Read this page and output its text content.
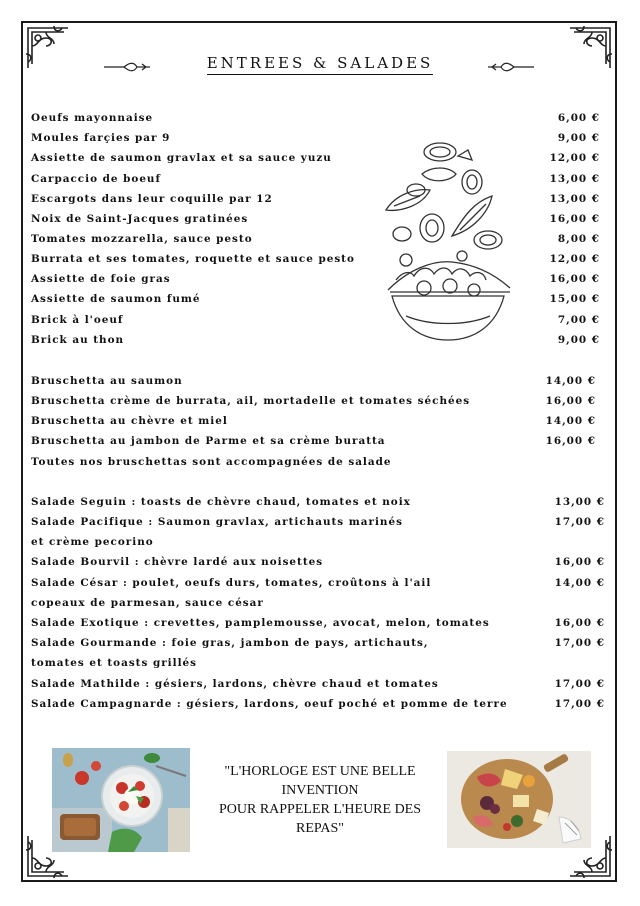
ENTREES & SALADES
Oeufs mayonnaise	6,00 €
Moules farçies par 9	9,00 €
Assiette de saumon gravlax et sa sauce yuzu	12,00 €
Carpaccio de boeuf	13,00 €
Escargots dans leur coquille par 12	13,00 €
Noix de Saint-Jacques gratinées	16,00 €
Tomates mozzarella, sauce pesto	8,00 €
Burrata et ses tomates, roquette et sauce pesto	12,00 €
Assiette de foie gras	16,00 €
Assiette de saumon fumé	15,00 €
Brick à l'oeuf	7,00 €
Brick au thon	9,00 €
Bruschetta au saumon	14,00 €
Bruschetta crème de burrata, ail, mortadelle et tomates séchées	16,00 €
Bruschetta au chèvre et miel	14,00 €
Bruschetta au jambon de Parme et sa crème buratta	16,00 €
Toutes nos bruschettas sont accompagnées de salade
Salade Seguin : toasts de chèvre chaud, tomates et noix	13,00 €
Salade Pacifique : Saumon gravlax, artichauts marinés	17,00 €
et crème pecorino
Salade Bourvil : chèvre lardé aux noisettes	16,00 €
Salade César : poulet, oeufs durs, tomates, croûtons à l'ail	14,00 €
copeaux de parmesan, sauce césar
Salade Exotique : crevettes, pamplemousse, avocat, melon, tomates	16,00 €
Salade Gourmande : foie gras, jambon de pays, artichauts,	17,00 €
tomates et toasts grillés
Salade Mathilde : gésiers, lardons, chèvre chaud et tomates	17,00 €
Salade Campagnarde : gésiers, lardons, oeuf poché et pomme de terre	17,00 €
"L'HORLOGE EST UNE BELLE
INVENTION
POUR RAPPELER L'HEURE DES
REPAS"
